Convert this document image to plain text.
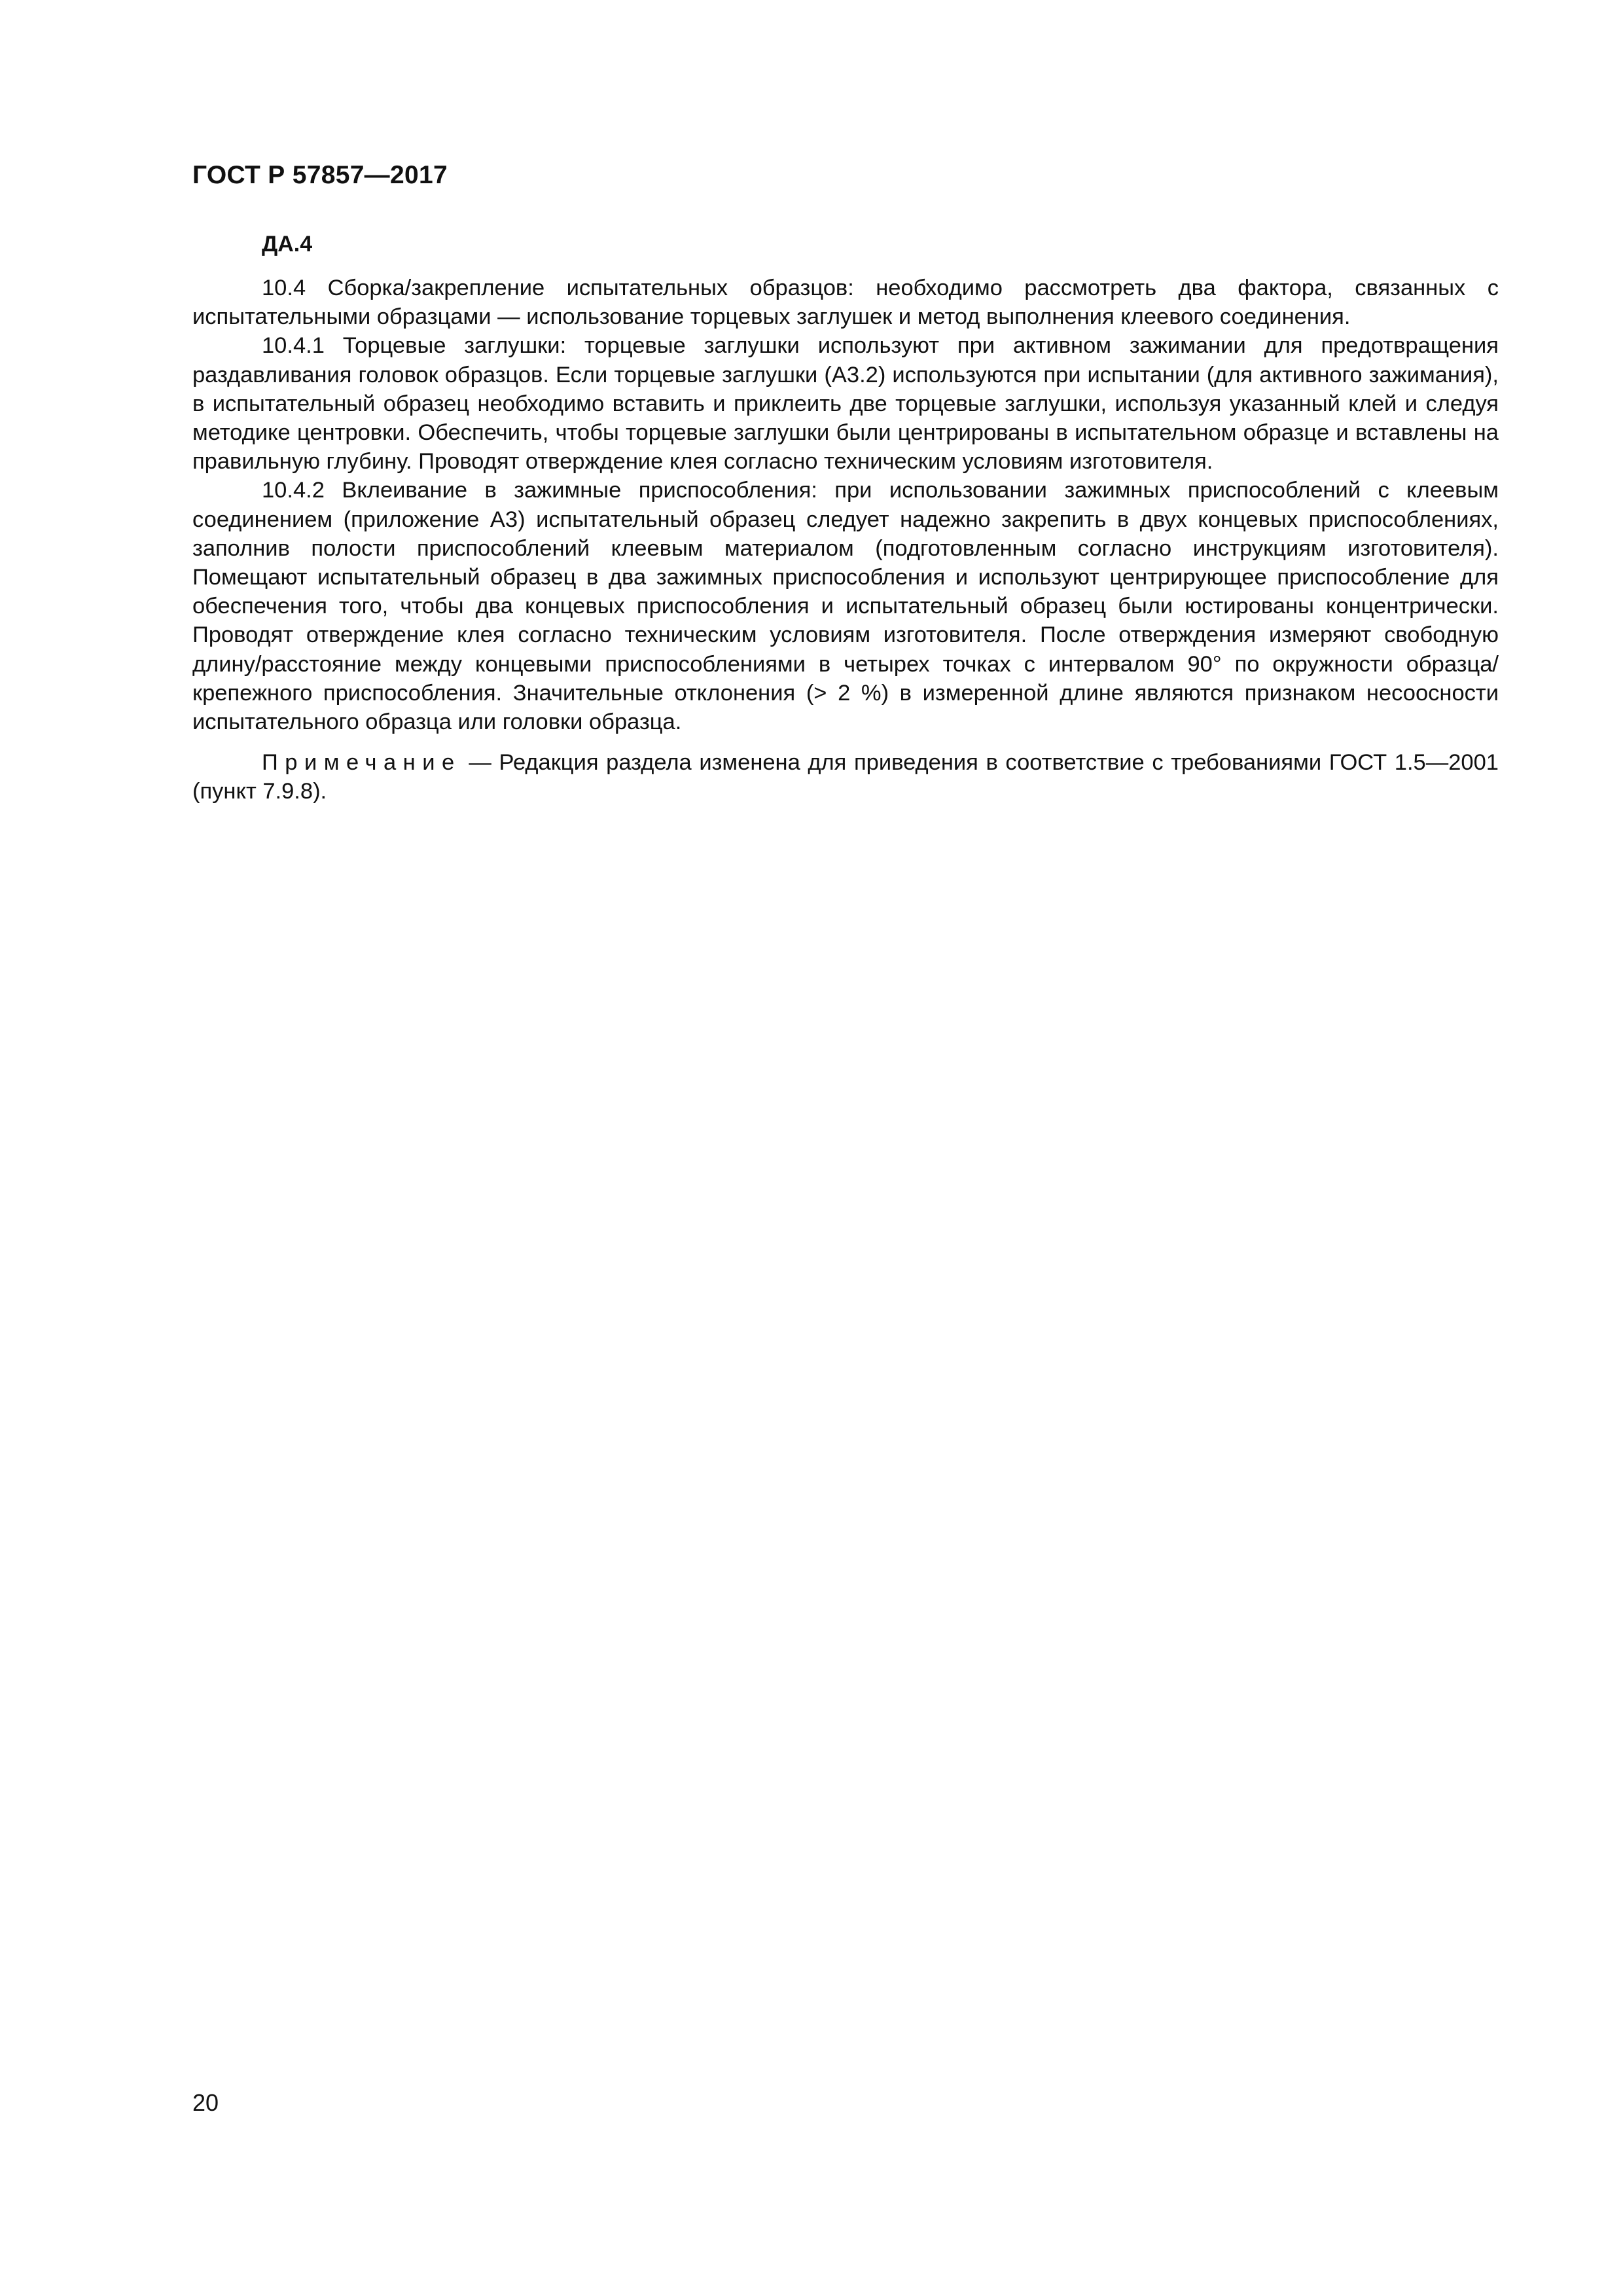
ГОСТ Р 57857—2017
ДА.4

10.4 Сборка/закрепление испытательных образцов: необходимо рассмотреть два фактора, связанных с испытательными образцами — использование торцевых заглушек и метод выполнения клеевого соединения.

10.4.1 Торцевые заглушки: торцевые заглушки используют при активном зажимании для предотвращения раздавливания головок образцов. Если торцевые заглушки (А3.2) используются при испытании (для активного зажимания), в испытательный образец необходимо вставить и приклеить две торцевые заглушки, используя указанный клей и следуя методике центровки. Обеспечить, чтобы торцевые заглушки были центрированы в испытательном образце и вставлены на правильную глубину. Проводят отверждение клея согласно техническим условиям изготовителя.

10.4.2 Вклеивание в зажимные приспособления: при использовании зажимных приспособлений с клеевым соединением (приложение А3) испытательный образец следует надежно закрепить в двух концевых приспособлениях, заполнив полости приспособлений клеевым материалом (подготовленным согласно инструкциям изготовителя). Помещают испытательный образец в два зажимных приспособления и используют центрирующее приспособление для обеспечения того, чтобы два концевых приспособления и испытательный образец были юстированы концентрически. Проводят отверждение клея согласно техническим условиям изготовителя. После отверждения измеряют свободную длину/расстояние между концевыми приспособлениями в четырех точках с интервалом 90° по окружности образца/крепежного приспособления. Значительные отклонения (> 2 %) в измеренной длине являются признаком несоосности испытательного образца или головки образца.

Примечание — Редакция раздела изменена для приведения в соответствие с требованиями ГОСТ 1.5—2001 (пункт 7.9.8).

20
